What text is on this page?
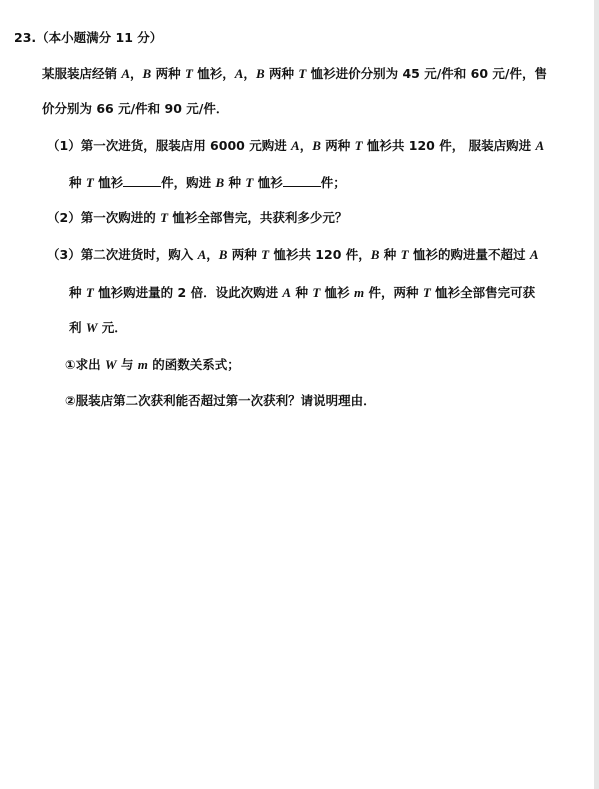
23.（本小题满分 11 分）
某服装店经销 A，B 两种 T 恤衫，A，B 两种 T 恤衫进价分别为 45 元/件和 60 元/件，售
价分别为 66 元/件和 90 元/件．
（1）第一次进货，服装店用 6000 元购进 A，B 两种 T 恤衫共 120 件， 服装店购进 A
种 T 恤衫	件，购进 B 种 T 恤衫	件；
（2）第一次购进的 T 恤衫全部售完，共获利多少元？
（3）第二次进货时，购入 A，B 两种 T 恤衫共 120 件，B 种 T 恤衫的购进量不超过 A
种 T 恤衫购进量的 2 倍．设此次购进 A 种 T 恤衫 m 件，两种 T 恤衫全部售完可获
利 W 元．
①求出 W 与 m 的函数关系式；
②服装店第二次获利能否超过第一次获利？请说明理由．
